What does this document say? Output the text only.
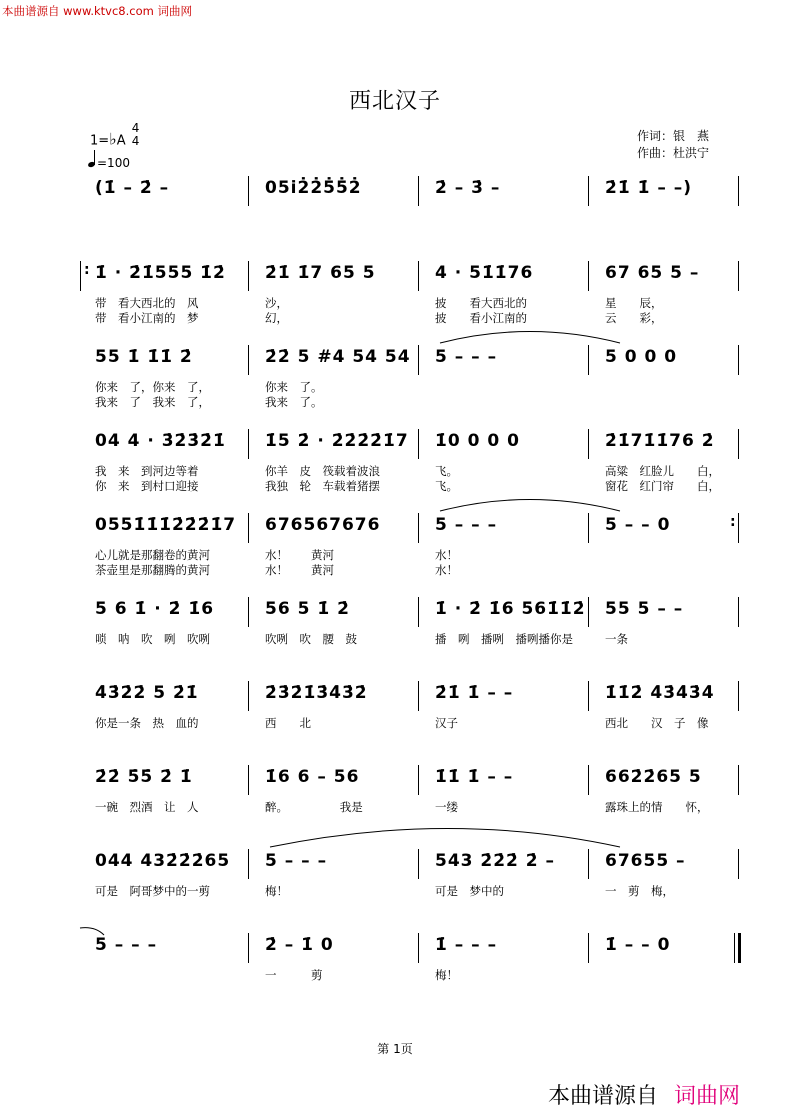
本曲谱源自 www.ktvc8.com 词曲网
西北汉子
1=♭A 4
4
=100
作词：银　燕
作曲：杜洪宁
(1̇ – 2̇ –	05i̇2̇2̇5̇5̇2̇	2̇ – 3̇ –	2̇1̇ 1̇ – –)
1̇ · 2̇1̇555 1̇2̇
带　看大西北的　风
带　看小江南的　梦
2̇1̇ 1̇7 65 5
沙，
幻，
4 · 51̇1̇76
披　　看大西北的
披　　看小江南的
67 65 5 –
星　　辰，
云　　彩，
:
55 1̇ 1̇1̇ 2̇
你来　了，你来　了，
我来　了　我来　了，
2̇2̇ 5 #4 54 54
你来　了。
我来　了。
5 – – –	5 0 0 0
04 4 · 3̇2̇3̇2̇1̇
我　来　到河边等着
你　来　到村口迎接
1̇5 2̇ · 2̇2̇2̇2̇1̇7
你羊　皮　筏载着波浪
我独　轮　车载着猪摆
1̇0 0 0 0
飞。
飞。
2̇1̇71̇1̇76 2̇
高粱　红脸儿　　白，
窗花　红门帘　　白，
0551̇1̇1̇2̇2̇2̇1̇7
心儿就是那翻卷的黄河
茶壶里是那翻腾的黄河
676567676
水！　　黄河
水！　　黄河
5 – – –
水！
水！
5 – – 0	:
5 6 1̇ · 2̇ 1̇6
唢　呐　吹　咧　吹咧
56 5 1̇ 2̇
吹咧　吹　腰　鼓
1̇ · 2̇ 1̇6 561̇1̇2̇
播　咧　播咧　播咧播你是
55 5 – –
一条
4̇3̇2̇2̇ 5 2̇1̇
你是一条　热　血的
2̇3̇2̇1̇3̇4̇3̇2̇
西　　北
2̇1̇ 1̇ – –
汉子
1̇1̇2̇ 4̇3̇4̇3̇4̇
西北　　汉　子　像
2̇2̇ 5̇5̇ 2̇ 1̇
一碗　烈酒　让　人
1̇6 6 – 56
醉。　　　　　我是
1̇1̇ 1̇ – –
一缕
662̇2̇65 5
露珠上的情　　怀，
044 432̇2̇2̇65
可是　阿哥梦中的一剪
5 – – –
梅！
543 2̇2̇2̇ 2̇ –
可是　梦中的
67655 –
一　剪　梅，
5 – – –	2̇ – 1̇ 0
一　　　剪
1̇ – – –
梅！
1̇ – – 0
第 1页
本曲谱源自 词曲网
